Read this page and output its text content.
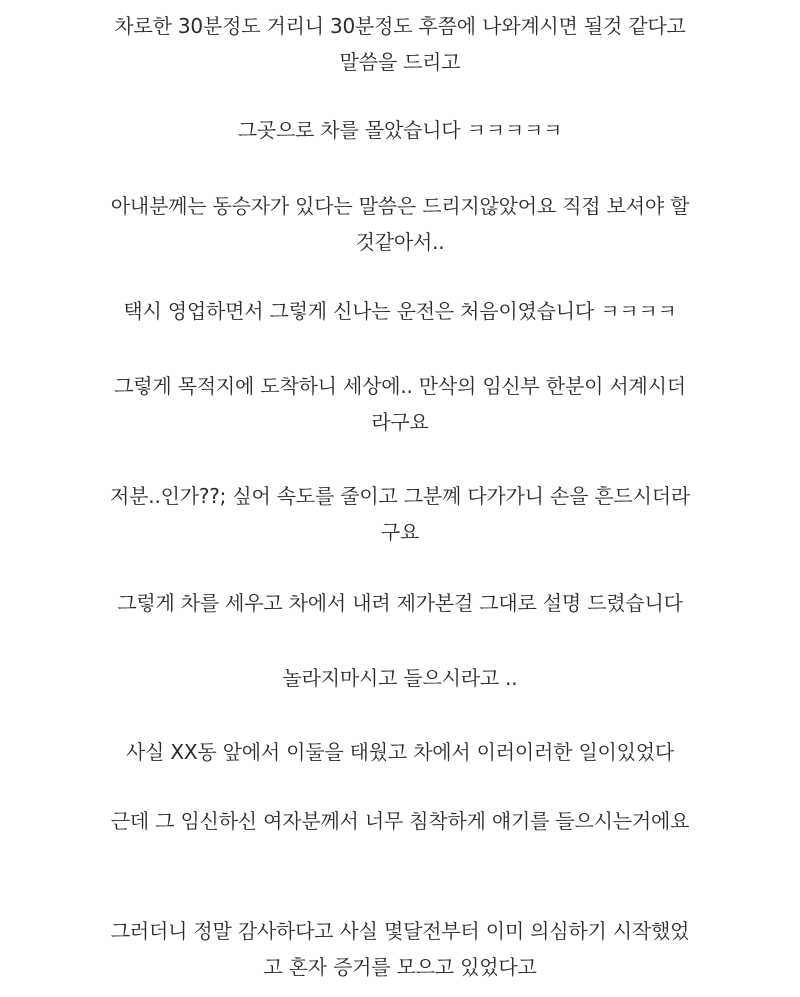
차로한 30분정도 거리니 30분정도 후쯤에 나와계시면 될것 같다고
말씀을 드리고
그곳으로 차를 몰았습니다 ㅋㅋㅋㅋㅋ
아내분께는 동승자가 있다는 말씀은 드리지않았어요 직접 보셔야 할
것같아서..
택시 영업하면서 그렇게 신나는 운전은 처음이였습니다 ㅋㅋㅋㅋ
그렇게 목적지에 도착하니 세상에.. 만삭의 임신부 한분이 서계시더
라구요
저분..인가??; 싶어 속도를 줄이고 그분꼐 다가가니 손을 흔드시더라
구요
그렇게 차를 세우고 차에서 내려 제가본걸 그대로 설명 드렸습니다
놀라지마시고 들으시라고 ..
사실 XX동 앞에서 이둘을 태웠고 차에서 이러이러한 일이있었다
근데 그 임신하신 여자분께서 너무 침착하게 얘기를 들으시는거에요
그러더니 정말 감사하다고 사실 몇달전부터 이미 의심하기 시작했었
고 혼자 증거를 모으고 있었다고
